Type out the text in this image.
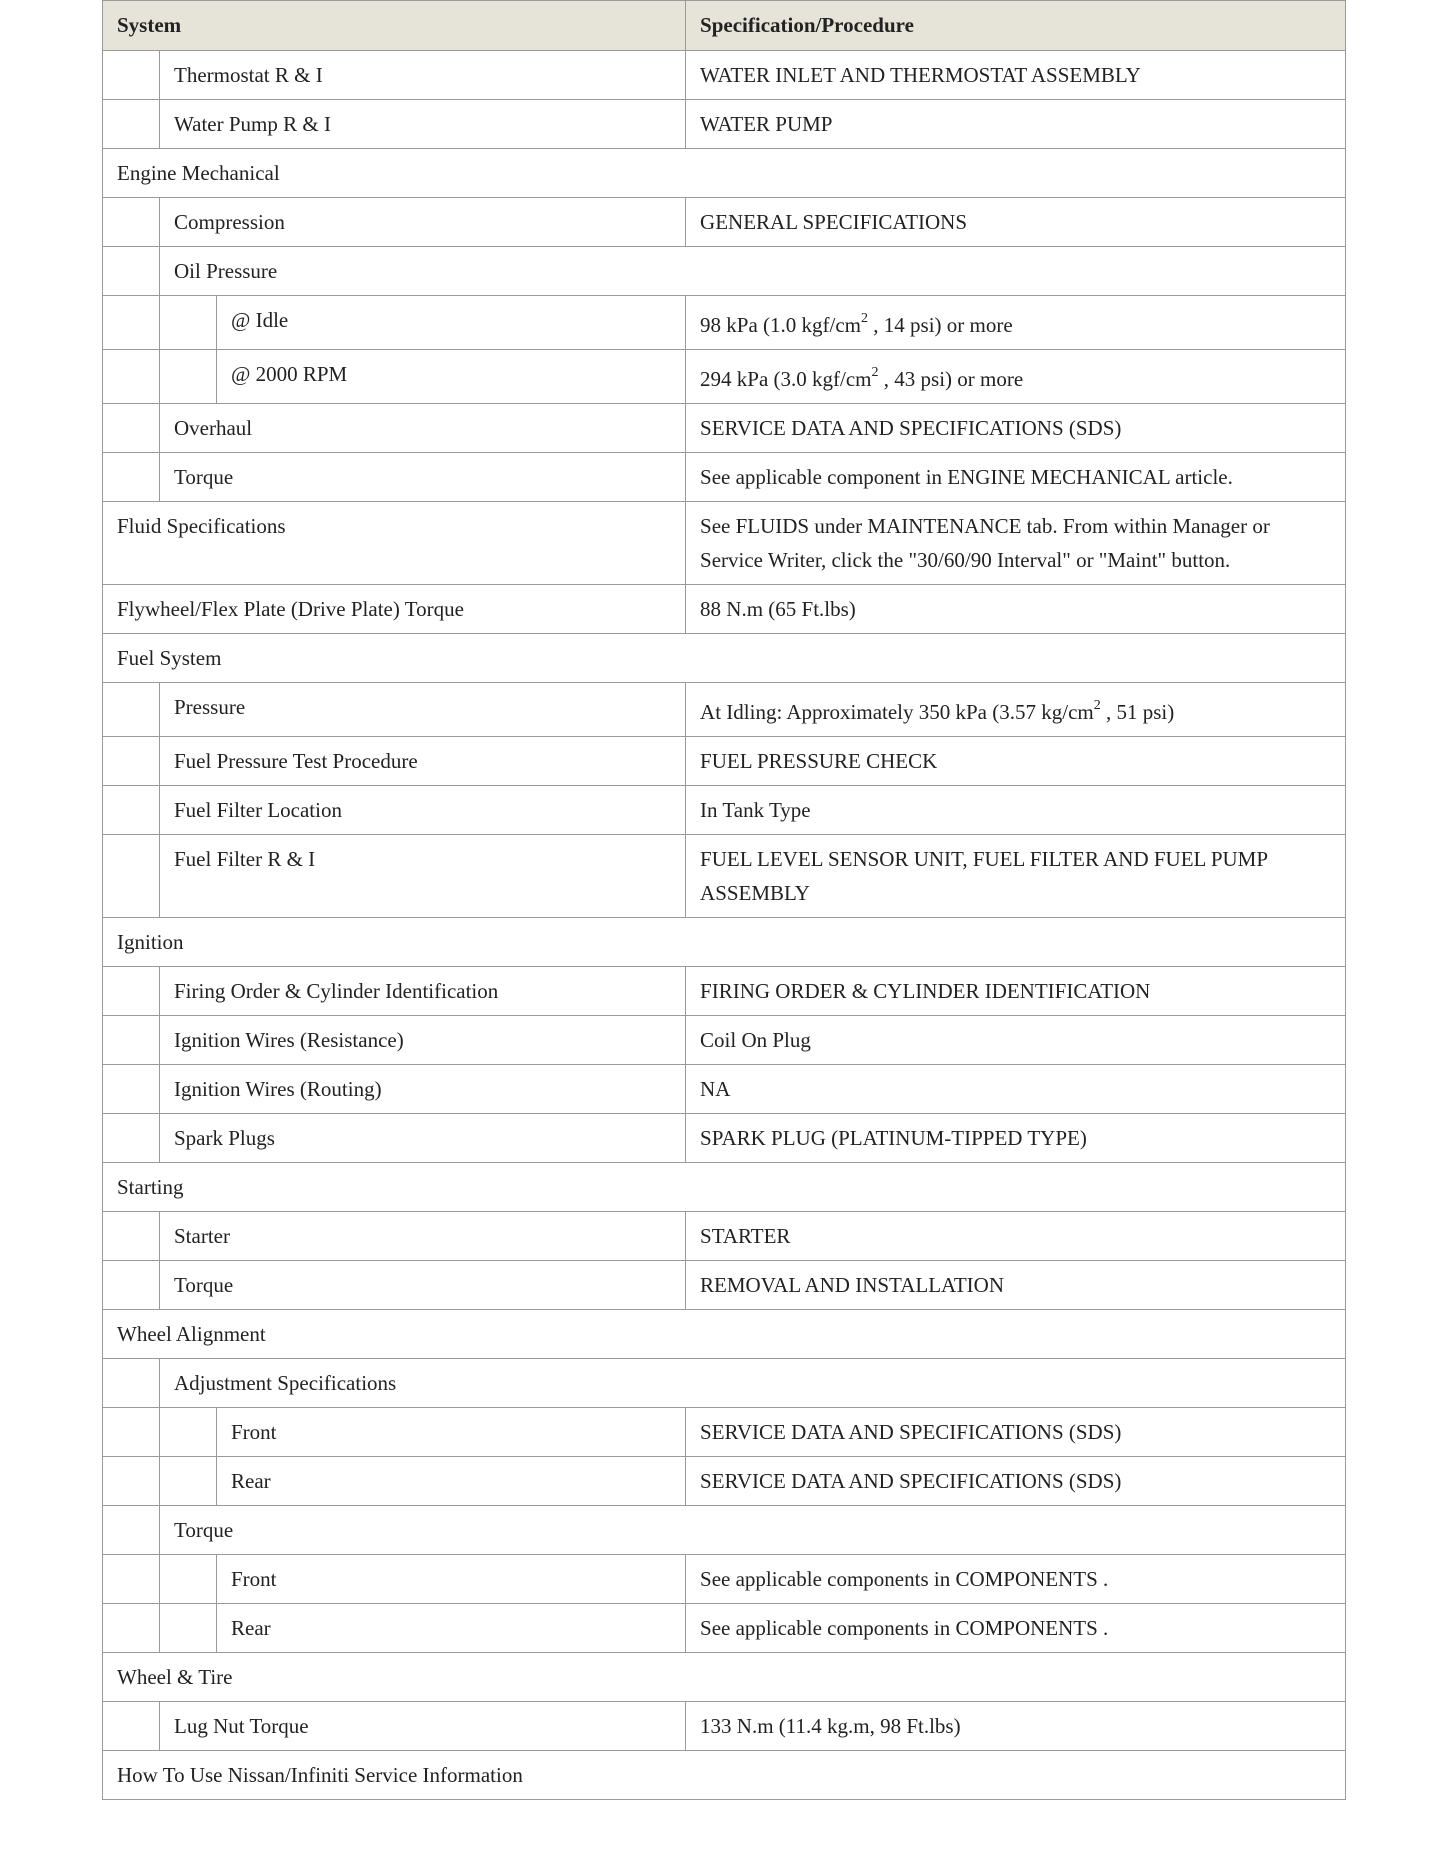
System			Specification/Procedure
	Thermostat R & I		WATER INLET AND THERMOSTAT ASSEMBLY
	Water Pump R & I		WATER PUMP
Engine Mechanical			
	Compression		GENERAL SPECIFICATIONS
	Oil Pressure		
		@ Idle	98 kPa (1.0 kgf/$cm^2$ , 14 psi) or more
		@ 2000 RPM	294 kPa (3.0 kgf/$cm^2$ , 43 psi) or more
	Overhaul		SERVICE DATA AND SPECIFICATIONS (SDS)
	Torque		See applicable component in ENGINE MECHANICAL article.
Fluid Specifications			See FLUIDS under MAINTENANCE tab. From within Manager or Service Writer, click the "30/60/90 Interval" or "Maint" button.
Flywheel/Flex Plate (Drive Plate) Torque			88 N.m (65 Ft.lbs)
Fuel System			
	Pressure		At Idling: Approximately 350 kPa (3.57 $kg/cm^2$ , 51 psi)
	Fuel Pressure Test Procedure		FUEL PRESSURE CHECK
	Fuel Filter Location		In Tank Type
	Fuel Filter R & I		FUEL LEVEL SENSOR UNIT, FUEL FILTER AND FUEL PUMP ASSEMBLY
Ignition			
	Firing Order & Cylinder Identification		FIRING ORDER & CYLINDER IDENTIFICATION
	Ignition Wires (Resistance)		Coil On Plug
	Ignition Wires (Routing)		NA
	Spark Plugs		SPARK PLUG (PLATINUM-TIPPED TYPE)
Starting			
	Starter		STARTER
	Torque		REMOVAL AND INSTALLATION
Wheel Alignment			
	Adjustment Specifications		
		Front	SERVICE DATA AND SPECIFICATIONS (SDS)
		Rear	SERVICE DATA AND SPECIFICATIONS (SDS)
	Torque		
		Front	See applicable components in COMPONENTS .
		Rear	See applicable components in COMPONENTS .
Wheel & Tire			
	Lug Nut Torque		133 N.m (11.4 kg.m, 98 Ft.lbs)
How To Use Nissan/Infiniti Service Information			
